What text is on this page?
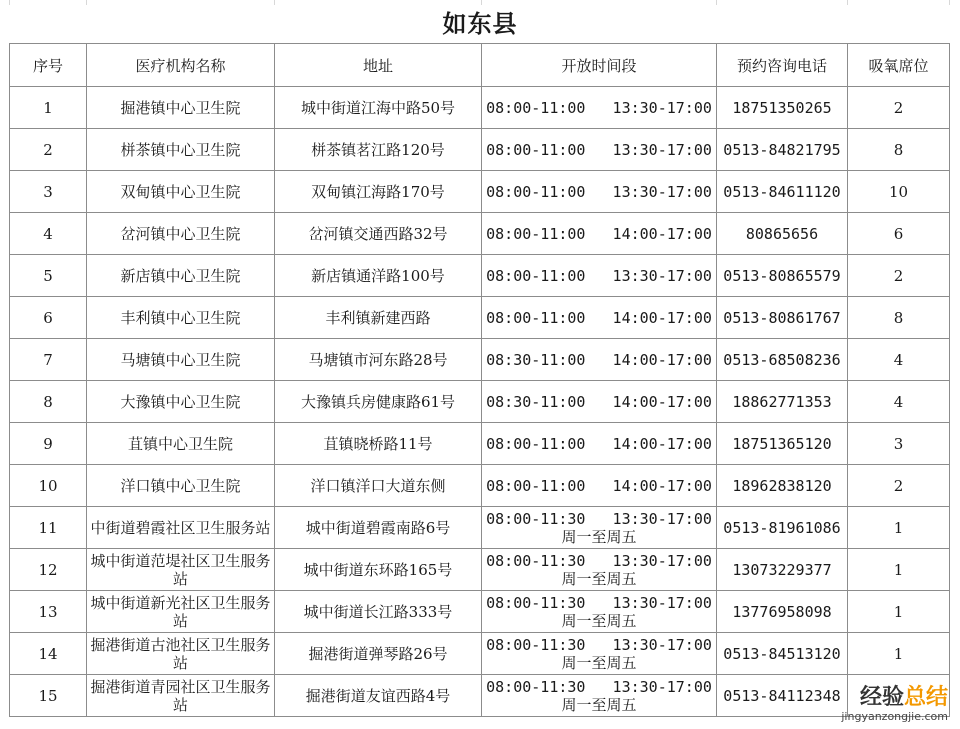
如东县
序号	医疗机构名称	地址	开放时间段	预约咨询电话	吸氧席位
1	掘港镇中心卫生院	城中街道江海中路50号	08:00-11:00   13:30-17:00	18751350265	2
2	栟茶镇中心卫生院	栟茶镇茗江路120号	08:00-11:00   13:30-17:00	0513-84821795	8
3	双甸镇中心卫生院	双甸镇江海路170号	08:00-11:00   13:30-17:00	0513-84611120	10
4	岔河镇中心卫生院	岔河镇交通西路32号	08:00-11:00   14:00-17:00	80865656	6
5	新店镇中心卫生院	新店镇通洋路100号	08:00-11:00   13:30-17:00	0513-80865579	2
6	丰利镇中心卫生院	丰利镇新建西路	08:00-11:00   14:00-17:00	0513-80861767	8
7	马塘镇中心卫生院	马塘镇市河东路28号	08:30-11:00   14:00-17:00	0513-68508236	4
8	大豫镇中心卫生院	大豫镇兵房健康路61号	08:30-11:00   14:00-17:00	18862771353	4
9	苴镇中心卫生院	苴镇晓桥路11号	08:00-11:00   14:00-17:00	18751365120	3
10	洋口镇中心卫生院	洋口镇洋口大道东侧	08:00-11:00   14:00-17:00	18962838120	2
11	中街道碧霞社区卫生服务站	城中街道碧霞南路6号	08:00-11:30   13:30-17:00周一至周五	0513-81961086	1
12	城中街道范堤社区卫生服务站	城中街道东环路165号	08:00-11:30   13:30-17:00周一至周五	13073229377	1
13	城中街道新光社区卫生服务站	城中街道长江路333号	08:00-11:30   13:30-17:00周一至周五	13776958098	1
14	掘港街道古池社区卫生服务站	掘港街道弹琴路26号	08:00-11:30   13:30-17:00周一至周五	0513-84513120	1
15	掘港街道青园社区卫生服务站	掘港街道友谊西路4号	08:00-11:30   13:30-17:00周一至周五	0513-84112348	经验总结
jingyanzongjie.com
